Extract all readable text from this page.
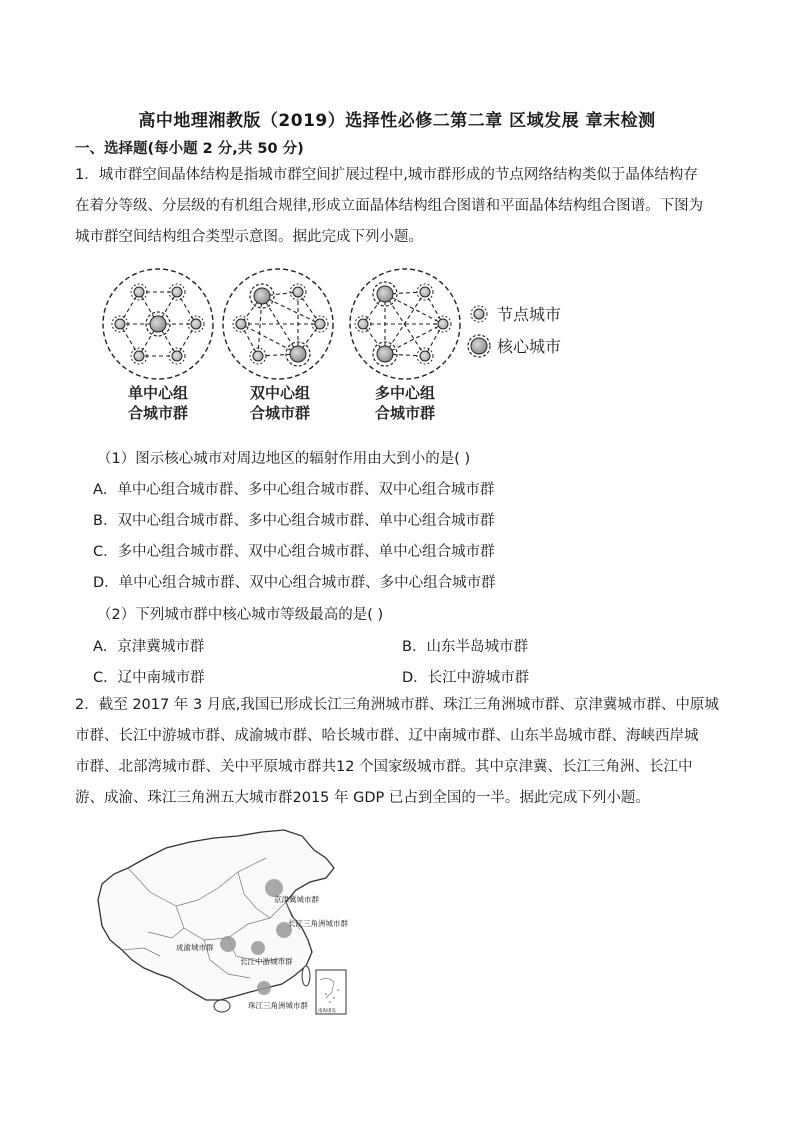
高中地理湘教版（2019）选择性必修二第二章 区域发展 章末检测
一、选择题(每小题 2 分,共 50 分)
1．城市群空间晶体结构是指城市群空间扩展过程中,城市群形成的节点网络结构类似于晶体结构存
在着分等级、分层级的有机组合规律,形成立面晶体结构组合图谱和平面晶体结构组合图谱。下图为
城市群空间结构组合类型示意图。据此完成下列小题。
节点城市
核心城市
单中心组
合城市群
双中心组
合城市群
多中心组
合城市群
（1）图示核心城市对周边地区的辐射作用由大到小的是( )
A．单中心组合城市群、多中心组合城市群、双中心组合城市群
B．双中心组合城市群、多中心组合城市群、单中心组合城市群
C．多中心组合城市群、双中心组合城市群、单中心组合城市群
D．单中心组合城市群、双中心组合城市群、多中心组合城市群
（2）下列城市群中核心城市等级最高的是( )
A．京津冀城市群	B．山东半岛城市群
C．辽中南城市群	D．长江中游城市群
2．截至 2017 年 3 月底,我国已形成长江三角洲城市群、珠江三角洲城市群、京津冀城市群、中原城
市群、长江中游城市群、成渝城市群、哈长城市群、辽中南城市群、山东半岛城市群、海峡西岸城
市群、北部湾城市群、关中平原城市群共12 个国家级城市群。其中京津冀、长江三角洲、长江中
游、成渝、珠江三角洲五大城市群2015 年 GDP 已占到全国的一半。据此完成下列小题。
京津冀城市群
长江三角洲城市群
成渝城市群
长江中游城市群
珠江三角洲城市群
南海诸岛
